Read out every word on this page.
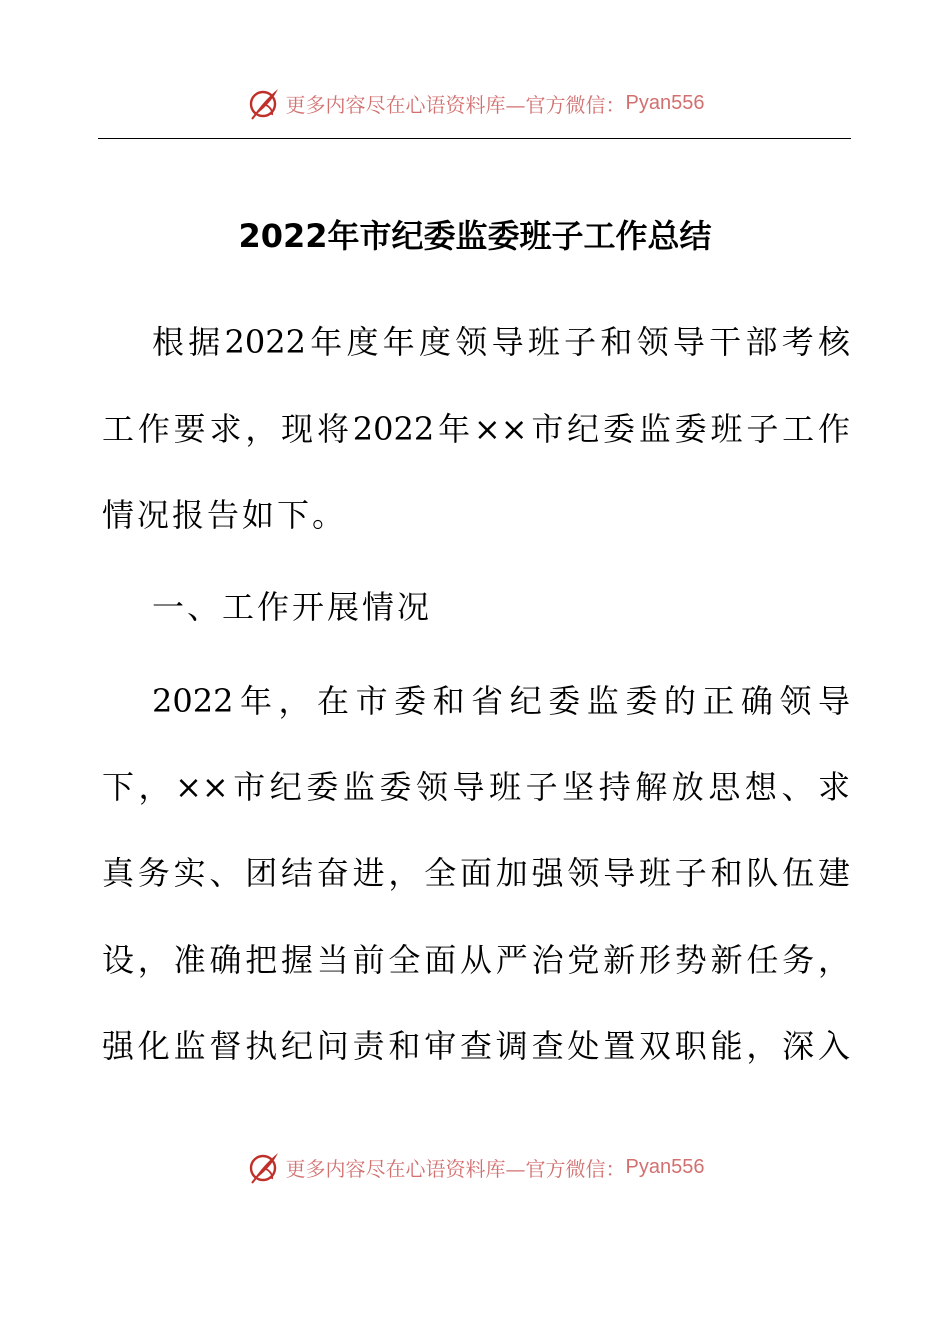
更多内容尽在心语资料库—官方微信： Pyan556
2022年市纪委监委班子工作总结
根据2022年度年度领导班子和领导干部考核
工作要求，现将2022年××市纪委监委班子工作
情况报告如下。
一、工作开展情况
2022年，在市委和省纪委监委的正确领导
下，××市纪委监委领导班子坚持解放思想、求
真务实、团结奋进，全面加强领导班子和队伍建
设，准确把握当前全面从严治党新形势新任务，
强化监督执纪问责和审查调查处置双职能，深入
更多内容尽在心语资料库—官方微信： Pyan556
